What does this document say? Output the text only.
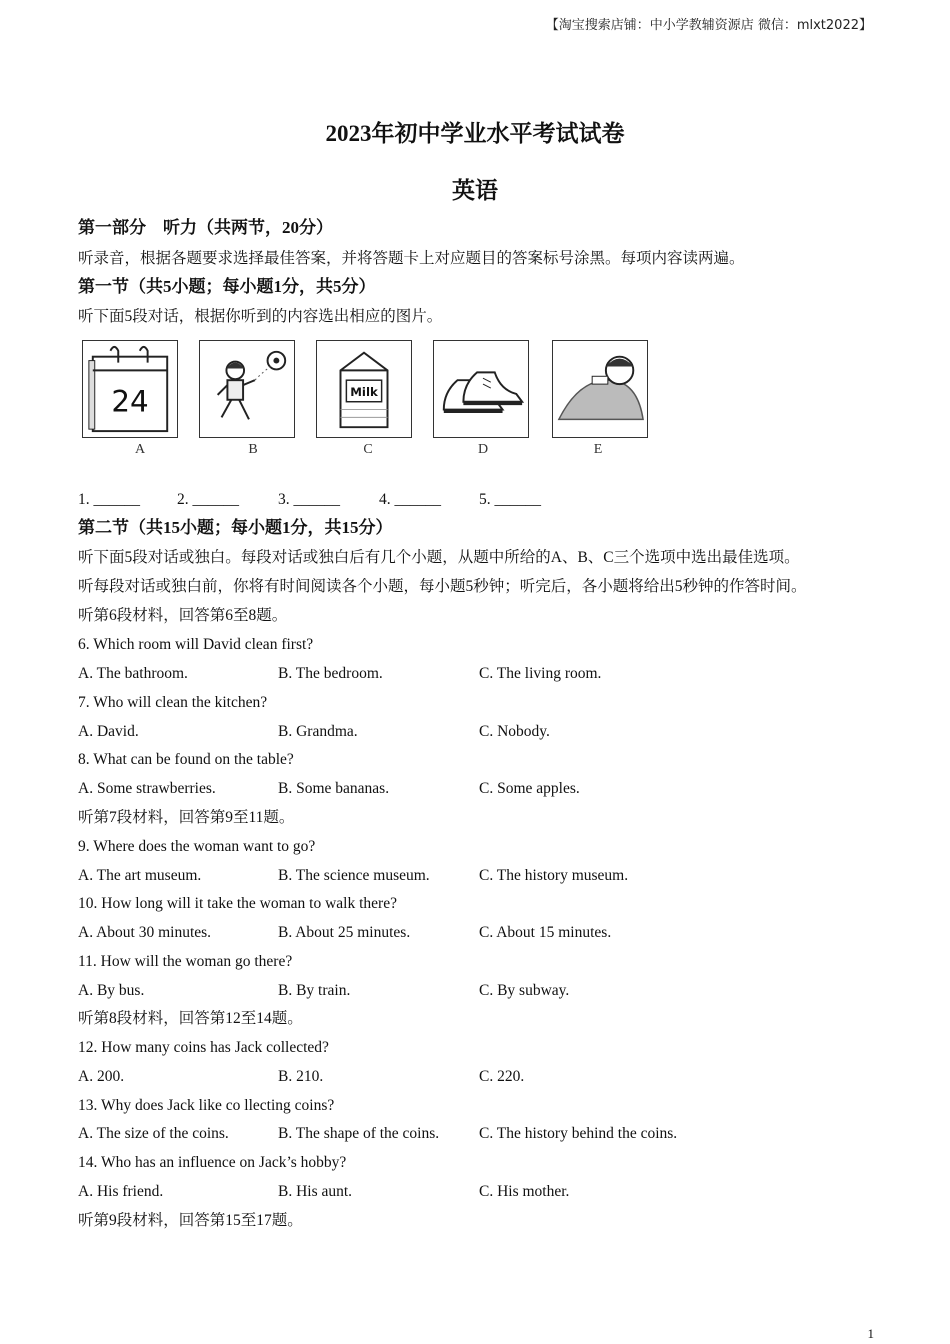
【淘宝搜索店铺：中小学教辅资源店 微信：mlxt2022】
2023年初中学业水平考试试卷
英语
第一部分　听力（共两节，20分）
听录音，根据各题要求选择最佳答案，并将答题卡上对应题目的答案标号涂黑。每项内容读两遍。
第一节（共5小题；每小题1分，共5分）
听下面5段对话，根据你听到的内容选出相应的图片。
24	Milk
A	B	C	D	E
1. ______ 2. ______	3. ______	4. ______ 5. ______
第二节（共15小题；每小题1分，共15分）
听下面5段对话或独白。每段对话或独白后有几个小题，从题中所给的A、B、C三个选项中选出最佳选项。
听每段对话或独白前，你将有时间阅读各个小题，每小题5秒钟；听完后，各小题将给出5秒钟的作答时间。
听第6段材料，回答第6至8题。
6. Which room will David clean first?
A. The bathroom.	B. The bedroom.	C. The living room.
7. Who will clean the kitchen?
A. David.	B. Grandma.	C. Nobody.
8. What can be found on the table?
A. Some strawberries.	B. Some bananas.	C. Some apples.
听第7段材料，回答第9至11题。
9. Where does the woman want to go?
A. The art museum.	B. The science museum.	C. The history museum.
10. How long will it take the woman to walk there?
A. About 30 minutes.	B. About 25 minutes.	C. About 15 minutes.
11. How will the woman go there?
A. By bus.	B. By train.	C. By subway.
听第8段材料，回答第12至14题。
12. How many coins has Jack collected?
A. 200.	B. 210.	C. 220.
13. Why does Jack like co llecting coins?
A. The size of the coins.	B. The shape of the coins.	C. The history behind the coins.
14. Who has an influence on Jack’s hobby?
A. His friend.	B. His aunt.	C. His mother.
听第9段材料，回答第15至17题。
1
